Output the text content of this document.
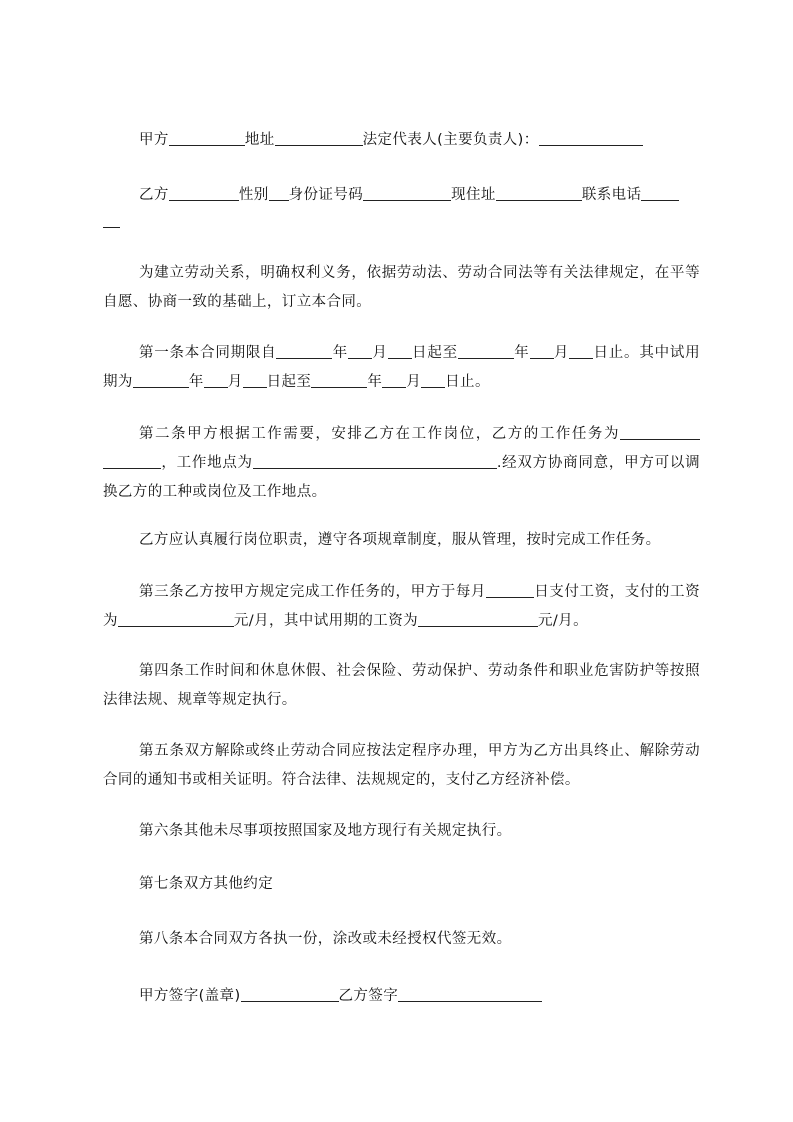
甲方	地址	法定代表人(主要负责人)：
乙方	性别 身份证号码	现住址	联系电话
为建立劳动关系，明确权利义务，依据劳动法、劳动合同法等有关法律规定，在平等自愿、协商一致的基础上，订立本合同。
第一条本合同期限自	年 月 日起至	年 月 日止。其中试用期为	年 月 日起至	年 月 日止。
第二条甲方根据工作需要，安排乙方在工作岗位，乙方的工作任务为，工作地点为	.经双方协商同意，甲方可以调换乙方的工种或岗位及工作地点。
乙方应认真履行岗位职责，遵守各项规章制度，服从管理，按时完成工作任务。
第三条乙方按甲方规定完成工作任务的，甲方于每月	日支付工资，支付的工资为	元/月，其中试用期的工资为	元/月。
第四条工作时间和休息休假、社会保险、劳动保护、劳动条件和职业危害防护等按照法律法规、规章等规定执行。
第五条双方解除或终止劳动合同应按法定程序办理，甲方为乙方出具终止、解除劳动合同的通知书或相关证明。符合法律、法规规定的，支付乙方经济补偿。
第六条其他未尽事项按照国家及地方现行有关规定执行。
第七条双方其他约定
第八条本合同双方各执一份，涂改或未经授权代签无效。
甲方签字(盖章)	乙方签字
